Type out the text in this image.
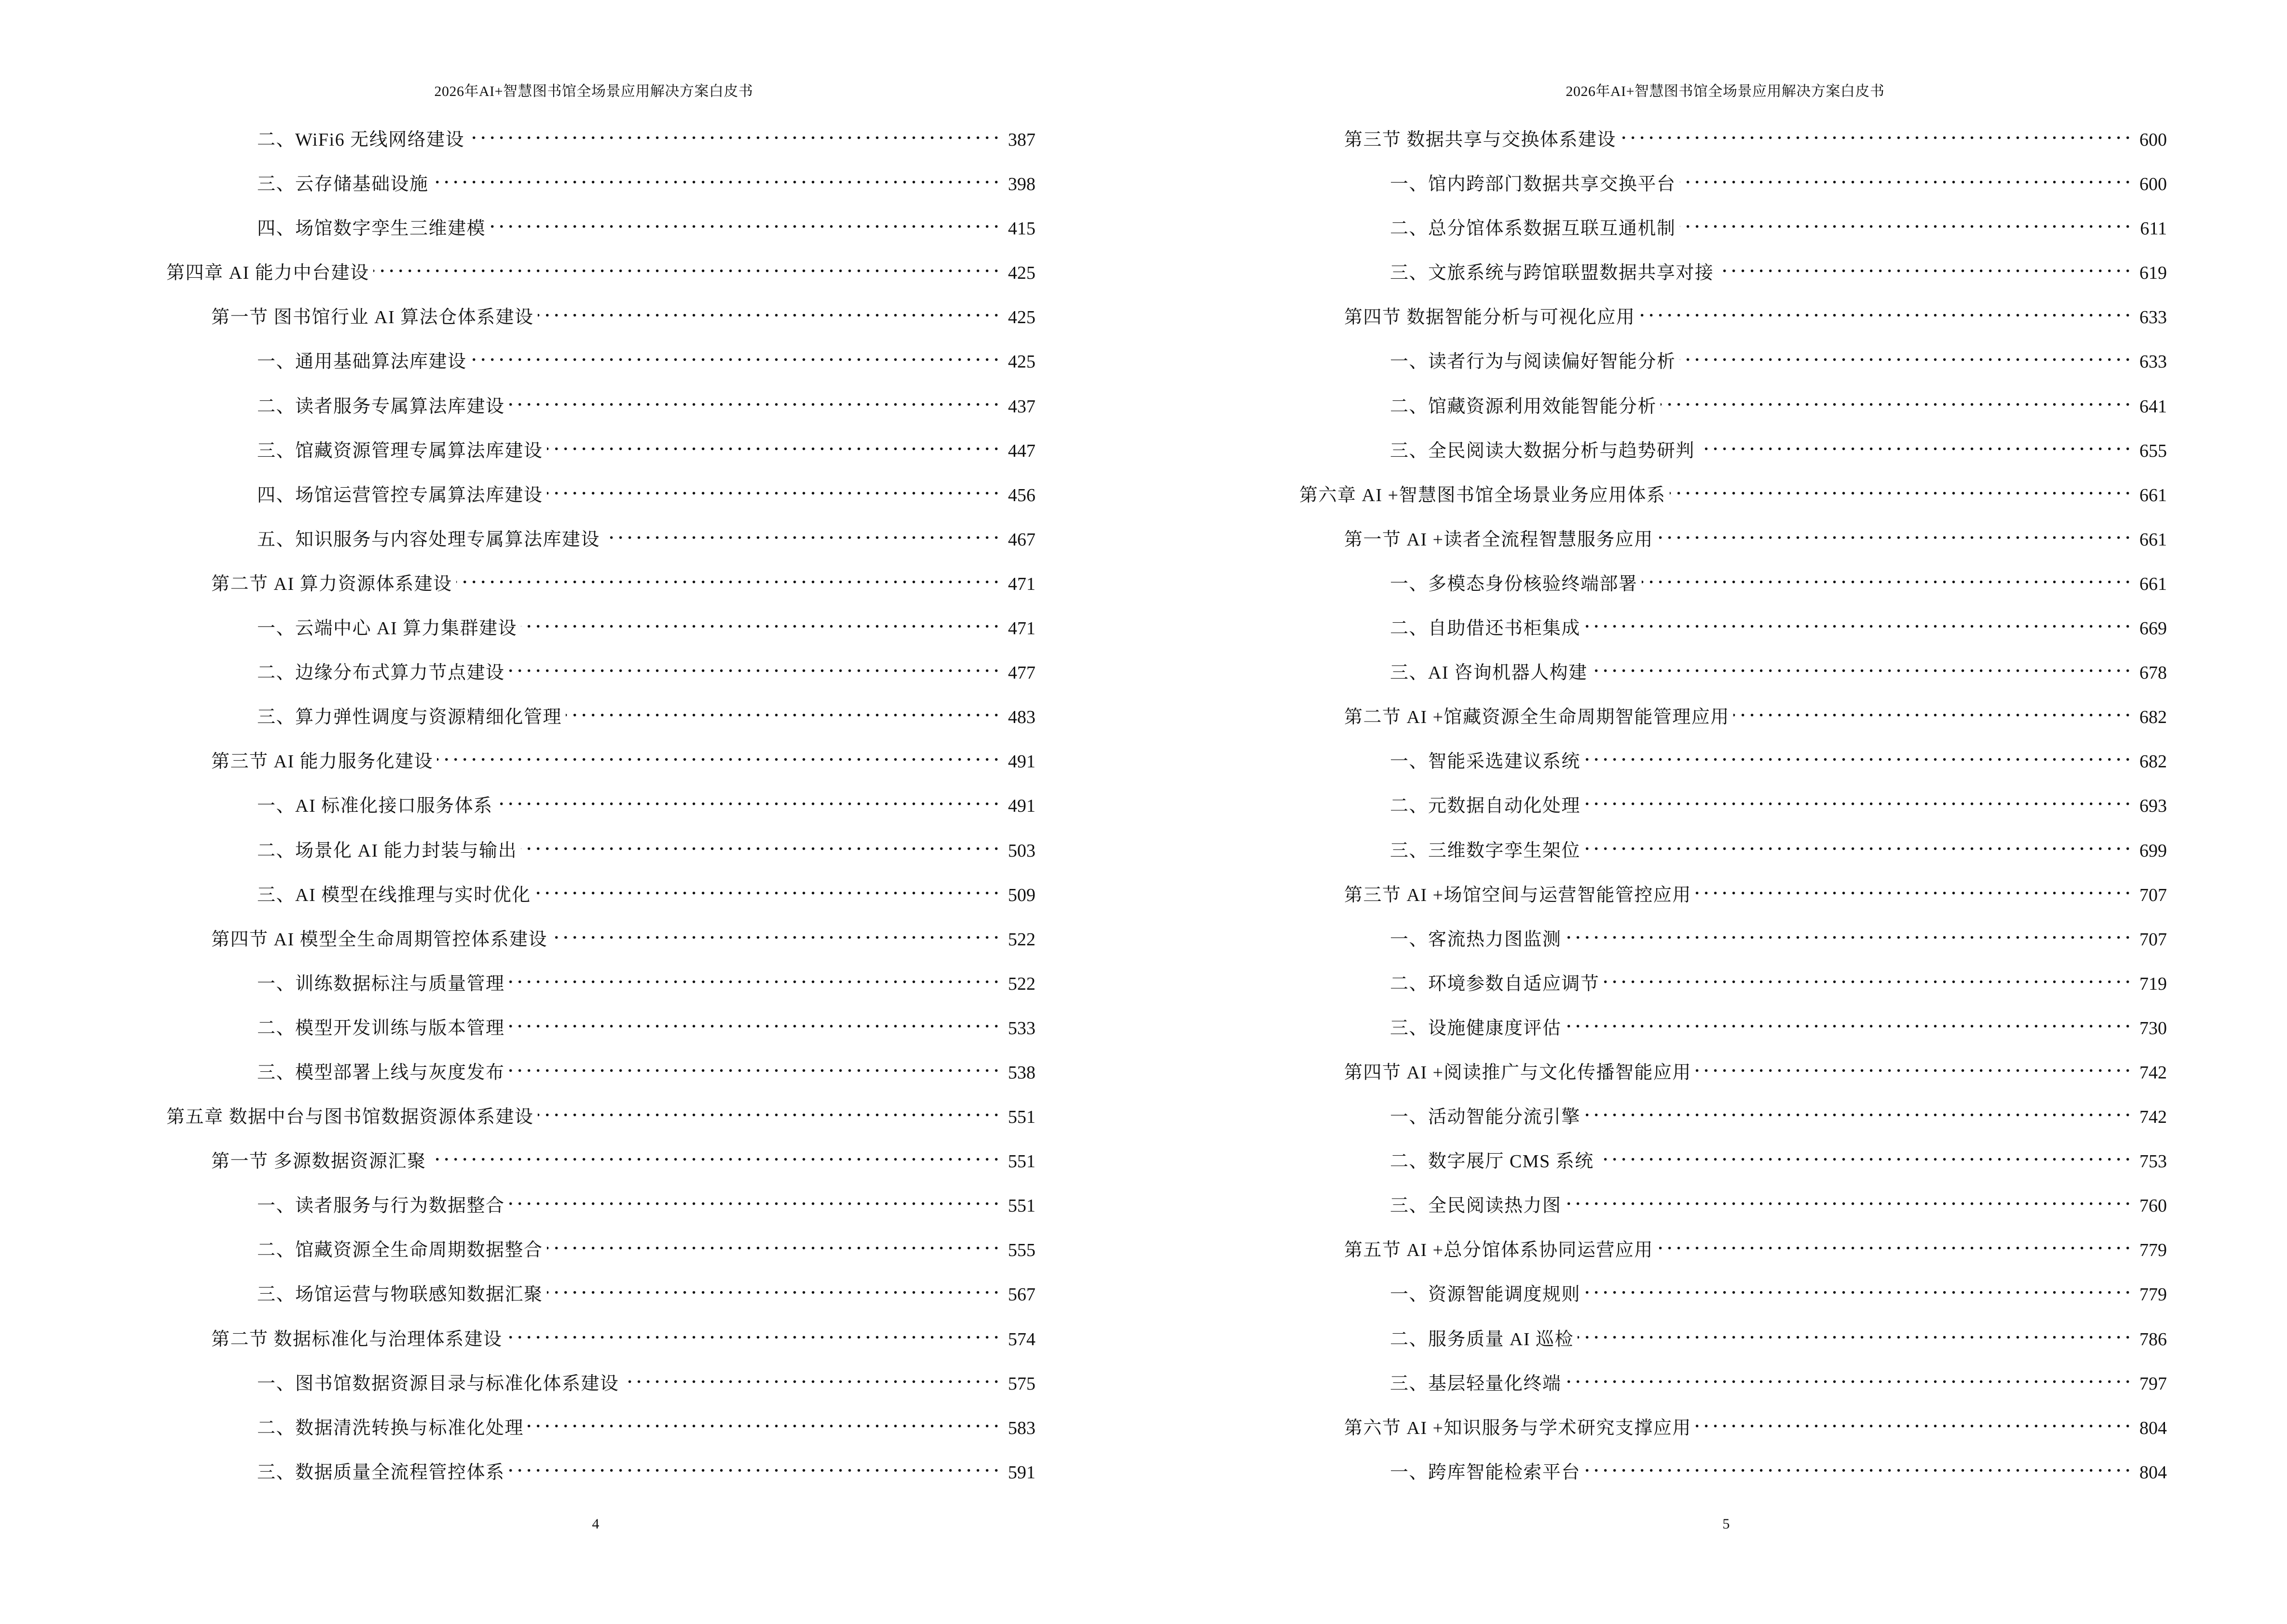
2026年AI+智慧图书馆全场景应用解决方案白皮书
二、WiFi6 无线网络建设 . . .	387
三、云存储基础设施 . . .	398
四、场馆数字孪生三维建模 . . .	415
第四章 AI 能力中台建设 . . .	425
第一节 图书馆行业 AI 算法仓体系建设 . . .	425
一、通用基础算法库建设 . . .	425
二、读者服务专属算法库建设 . . .	437
三、馆藏资源管理专属算法库建设 . . .	447
四、场馆运营管控专属算法库建设 . . .	456
五、知识服务与内容处理专属算法库建设 . . .	467
第二节 AI 算力资源体系建设 . . .	471
一、云端中心 AI 算力集群建设 . . .	471
二、边缘分布式算力节点建设 . . .	477
三、算力弹性调度与资源精细化管理 . . .	483
第三节 AI 能力服务化建设 . . .	491
一、AI 标准化接口服务体系 . . .	491
二、场景化 AI 能力封装与输出 . . .	503
三、AI 模型在线推理与实时优化 . . .	509
第四节 AI 模型全生命周期管控体系建设 . . .	522
一、训练数据标注与质量管理 . . .	522
二、模型开发训练与版本管理 . . .	533
三、模型部署上线与灰度发布 . . .	538
第五章 数据中台与图书馆数据资源体系建设 . . .	551
第一节 多源数据资源汇聚 . . .	551
一、读者服务与行为数据整合 . . .	551
二、馆藏资源全生命周期数据整合 . . .	555
三、场馆运营与物联感知数据汇聚 . . .	567
第二节 数据标准化与治理体系建设 . . .	574
一、图书馆数据资源目录与标准化体系建设 . . .	575
二、数据清洗转换与标准化处理 . . .	583
三、数据质量全流程管控体系 . . .	591
4
2026年AI+智慧图书馆全场景应用解决方案白皮书
第三节 数据共享与交换体系建设 . . .	600
一、馆内跨部门数据共享交换平台 . . .	600
二、总分馆体系数据互联互通机制 . . .	611
三、文旅系统与跨馆联盟数据共享对接 . . .	619
第四节 数据智能分析与可视化应用 . . .	633
一、读者行为与阅读偏好智能分析 . . .	633
二、馆藏资源利用效能智能分析 . . .	641
三、全民阅读大数据分析与趋势研判 . . .	655
第六章 AI +智慧图书馆全场景业务应用体系 . . .	661
第一节 AI +读者全流程智慧服务应用 . . .	661
一、多模态身份核验终端部署 . . .	661
二、自助借还书柜集成 . . .	669
三、AI 咨询机器人构建 . . .	678
第二节 AI +馆藏资源全生命周期智能管理应用 . . .	682
一、智能采选建议系统 . . .	682
二、元数据自动化处理 . . .	693
三、三维数字孪生架位 . . .	699
第三节 AI +场馆空间与运营智能管控应用 . . .	707
一、客流热力图监测 . . .	707
二、环境参数自适应调节 . . .	719
三、设施健康度评估 . . .	730
第四节 AI +阅读推广与文化传播智能应用 . . .	742
一、活动智能分流引擎 . . .	742
二、数字展厅 CMS 系统 . . .	753
三、全民阅读热力图 . . .	760
第五节 AI +总分馆体系协同运营应用 . . .	779
一、资源智能调度规则 . . .	779
二、服务质量 AI 巡检 . . .	786
三、基层轻量化终端 . . .	797
第六节 AI +知识服务与学术研究支撑应用 . . .	804
一、跨库智能检索平台 . . .	804
5
